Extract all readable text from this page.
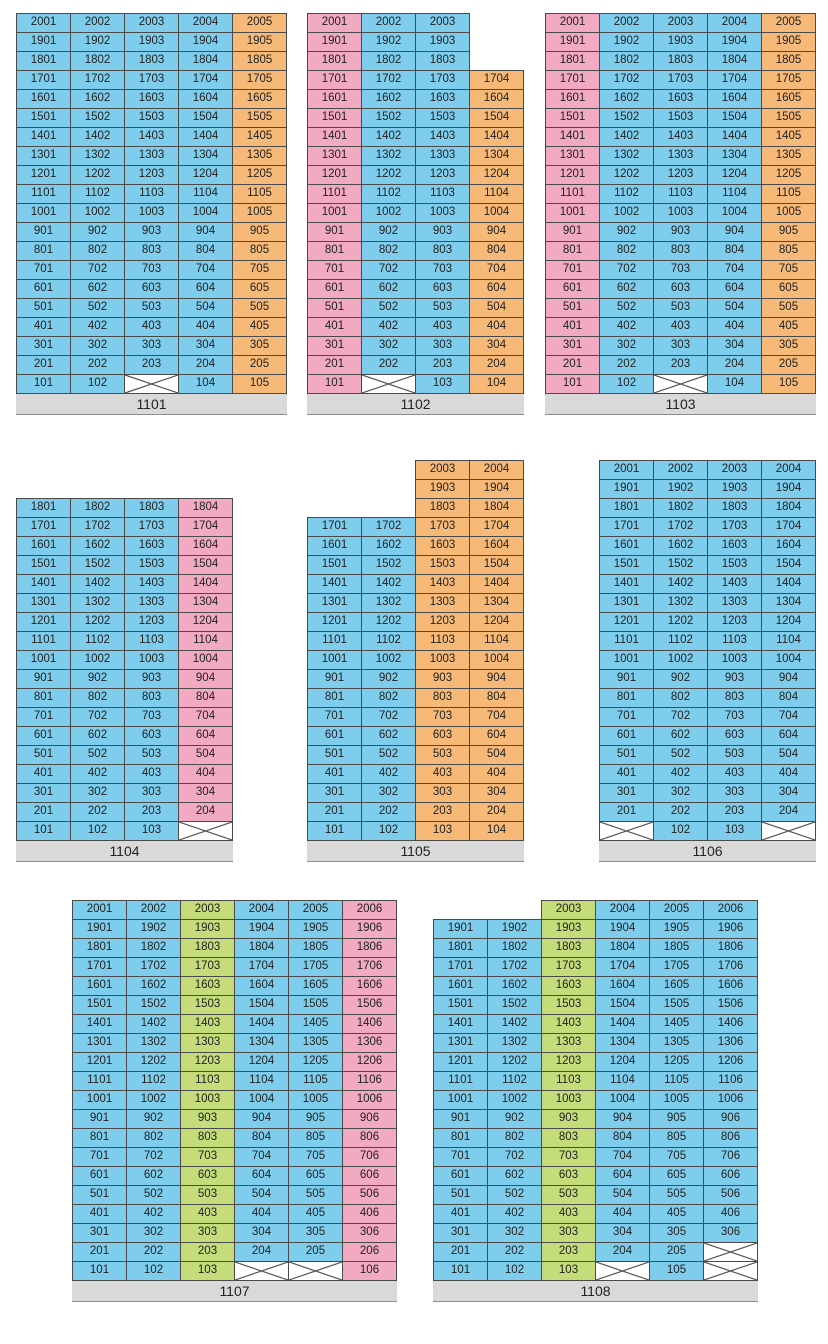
101
201
301
401
501
601
701
801
901
1001
1101
1201
1301
1401
1501
1601
1701
1801
1901
2001
102
202
302
402
502
602
702
802
902
1002
1102
1202
1302
1402
1502
1602
1702
1802
1902
2002
203
303
403
503
603
703
803
903
1003
1103
1203
1303
1403
1503
1603
1703
1803
1903
2003
104
204
304
404
504
604
704
804
904
1004
1104
1204
1304
1404
1504
1604
1704
1804
1904
2004
105
205
305
405
505
605
705
805
905
1005
1105
1205
1305
1405
1505
1605
1705
1805
1905
2005
1101
101
201
301
401
501
601
701
801
901
1001
1101
1201
1301
1401
1501
1601
1701
1801
1901
2001
202
302
402
502
602
702
802
902
1002
1102
1202
1302
1402
1502
1602
1702
1802
1902
2002
103
203
303
403
503
603
703
803
903
1003
1103
1203
1303
1403
1503
1603
1703
1803
1903
2003
104
204
304
404
504
604
704
804
904
1004
1104
1204
1304
1404
1504
1604
1704
1102
101
201
301
401
501
601
701
801
901
1001
1101
1201
1301
1401
1501
1601
1701
1801
1901
2001
102
202
302
402
502
602
702
802
902
1002
1102
1202
1302
1402
1502
1602
1702
1802
1902
2002
203
303
403
503
603
703
803
903
1003
1103
1203
1303
1403
1503
1603
1703
1803
1903
2003
104
204
304
404
504
604
704
804
904
1004
1104
1204
1304
1404
1504
1604
1704
1804
1904
2004
105
205
305
405
505
605
705
805
905
1005
1105
1205
1305
1405
1505
1605
1705
1805
1905
2005
1103
101
201
301
401
501
601
701
801
901
1001
1101
1201
1301
1401
1501
1601
1701
1801
102
202
302
402
502
602
702
802
902
1002
1102
1202
1302
1402
1502
1602
1702
1802
103
203
303
403
503
603
703
803
903
1003
1103
1203
1303
1403
1503
1603
1703
1803
204
304
404
504
604
704
804
904
1004
1104
1204
1304
1404
1504
1604
1704
1804
1104
101
201
301
401
501
601
701
801
901
1001
1101
1201
1301
1401
1501
1601
1701
102
202
302
402
502
602
702
802
902
1002
1102
1202
1302
1402
1502
1602
1702
103
203
303
403
503
603
703
803
903
1003
1103
1203
1303
1403
1503
1603
1703
1803
1903
2003
104
204
304
404
504
604
704
804
904
1004
1104
1204
1304
1404
1504
1604
1704
1804
1904
2004
1105
201
301
401
501
601
701
801
901
1001
1101
1201
1301
1401
1501
1601
1701
1801
1901
2001
102
202
302
402
502
602
702
802
902
1002
1102
1202
1302
1402
1502
1602
1702
1802
1902
2002
103
203
303
403
503
603
703
803
903
1003
1103
1203
1303
1403
1503
1603
1703
1803
1903
2003
204
304
404
504
604
704
804
904
1004
1104
1204
1304
1404
1504
1604
1704
1804
1904
2004
1106
101
201
301
401
501
601
701
801
901
1001
1101
1201
1301
1401
1501
1601
1701
1801
1901
2001
102
202
302
402
502
602
702
802
902
1002
1102
1202
1302
1402
1502
1602
1702
1802
1902
2002
103
203
303
403
503
603
703
803
903
1003
1103
1203
1303
1403
1503
1603
1703
1803
1903
2003
204
304
404
504
604
704
804
904
1004
1104
1204
1304
1404
1504
1604
1704
1804
1904
2004
205
305
405
505
605
705
805
905
1005
1105
1205
1305
1405
1505
1605
1705
1805
1905
2005
106
206
306
406
506
606
706
806
906
1006
1106
1206
1306
1406
1506
1606
1706
1806
1906
2006
1107
101
201
301
401
501
601
701
801
901
1001
1101
1201
1301
1401
1501
1601
1701
1801
1901
102
202
302
402
502
602
702
802
902
1002
1102
1202
1302
1402
1502
1602
1702
1802
1902
103
203
303
403
503
603
703
803
903
1003
1103
1203
1303
1403
1503
1603
1703
1803
1903
2003
204
304
404
504
604
704
804
904
1004
1104
1204
1304
1404
1504
1604
1704
1804
1904
2004
105
205
305
405
505
605
705
805
905
1005
1105
1205
1305
1405
1505
1605
1705
1805
1905
2005
306
406
506
606
706
806
906
1006
1106
1206
1306
1406
1506
1606
1706
1806
1906
2006
1108
